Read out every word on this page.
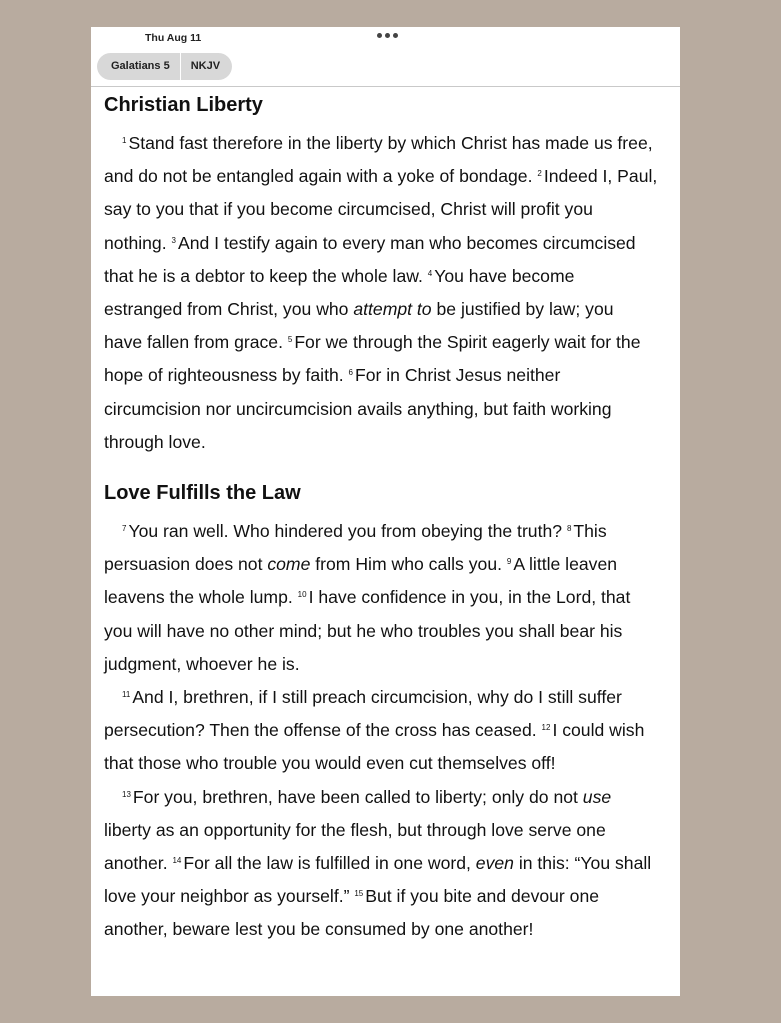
Thu Aug 11
Galatians 5	NKJV
Christian Liberty

$^1$ Stand fast therefore in the liberty by which Christ has made us free,
and do not be entangled again with a yoke of bondage. $^2$ Indeed I, Paul,
say to you that if you become circumcised, Christ will profit you
nothing. $^3$ And I testify again to every man who becomes circumcised
that he is a debtor to keep the whole law. $^4$ You have become
estranged from Christ, you who attempt to be justified by law; you
have fallen from grace. $^5$ For we through the Spirit eagerly wait for the
hope of righteousness by faith. $^6$ For in Christ Jesus neither
circumcision nor uncircumcision avails anything, but faith working
through love.

Love Fulfills the Law

$^7$ You ran well. Who hindered you from obeying the truth? $^8$ This
persuasion does not come from Him who calls you. $^9$ A little leaven
leavens the whole lump. $^{10}$ I have confidence in you, in the Lord, that
you will have no other mind; but he who troubles you shall bear his
judgment, whoever he is.

$^{11}$ And I, brethren, if I still preach circumcision, why do I still suffer
persecution? Then the offense of the cross has ceased. $^{12}$ I could wish
that those who trouble you would even cut themselves off!

$^{13}$ For you, brethren, have been called to liberty; only do not use
liberty as an opportunity for the flesh, but through love serve one
another. $^{14}$ For all the law is fulfilled in one word, even in this: “You shall
love your neighbor as yourself.” $^{15}$ But if you bite and devour one
another, beware lest you be consumed by one another!
